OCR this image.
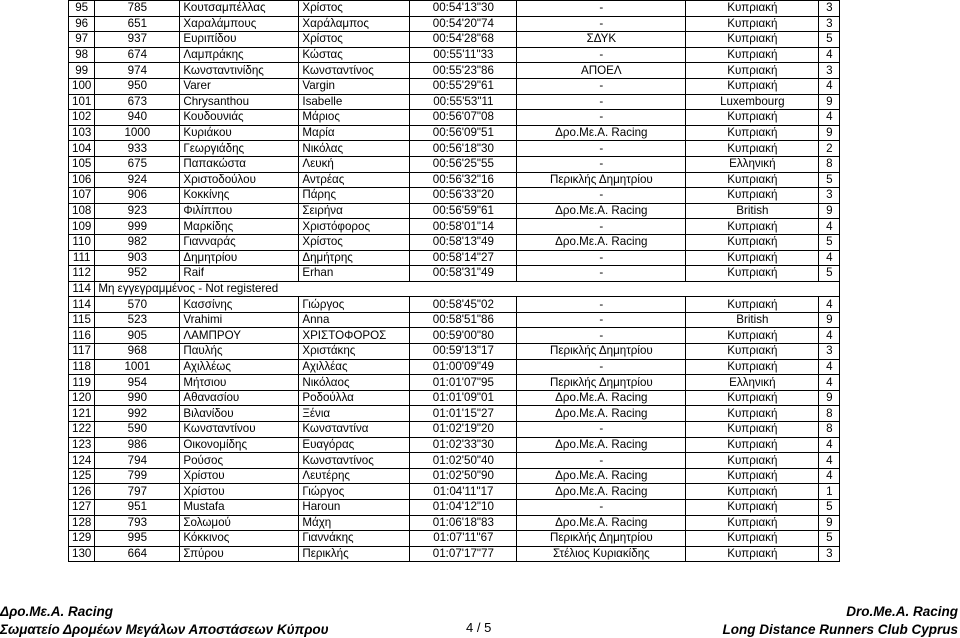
95	785	Κουτσαμπέλλας	Χρίστος	00:54'13"30	-	Κυπριακή	3
96	651	Χαραλάμπους	Χαράλαμπος	00:54'20"74	-	Κυπριακή	3
97	937	Ευριπίδου	Χρίστος	00:54'28"68	ΣΔΥΚ	Κυπριακή	5
98	674	Λαμπράκης	Κώστας	00:55'11"33	-	Κυπριακή	4
99	974	Κωνσταντινίδης	Κωνσταντίνος	00:55'23"86	ΑΠΟΕΛ	Κυπριακή	3
100	950	Varer	Vargin	00:55'29"61	-	Κυπριακή	4
101	673	Chrysanthou	Isabelle	00:55'53"11	-	Luxembourg	9
102	940	Κουδουνιάς	Μάριος	00:56'07"08	-	Κυπριακή	4
103	1000	Κυριάκου	Μαρία	00:56'09"51	Δρο.Με.Α. Racing	Κυπριακή	9
104	933	Γεωργιάδης	Νικόλας	00:56'18"30	-	Κυπριακή	2
105	675	Παπακώστα	Λευκή	00:56'25"55	-	Ελληνική	8
106	924	Χριστοδούλου	Αντρέας	00:56'32"16	Περικλής Δημητρίου	Κυπριακή	5
107	906	Κοκκίνης	Πάρης	00:56'33"20	-	Κυπριακή	3
108	923	Φιλίππου	Σειρήνα	00:56'59"61	Δρο.Με.Α. Racing	British	9
109	999	Μαρκίδης	Χριστόφορος	00:58'01"14	-	Κυπριακή	4
110	982	Γιανναράς	Χρίστος	00:58'13"49	Δρο.Με.Α. Racing	Κυπριακή	5
111	903	Δημητρίου	Δημήτρης	00:58'14"27	-	Κυπριακή	4
112	952	Raif	Erhan	00:58'31"49	-	Κυπριακή	5
114	Μη εγγεγραμμένος - Not registered						
114	570	Κασσίνης	Γιώργος	00:58'45"02	-	Κυπριακή	4
115	523	Vrahimi	Anna	00:58'51"86	-	British	9
116	905	ΛΑΜΠΡΟΥ	ΧΡΙΣΤΟΦΟΡΟΣ	00:59'00"80	-	Κυπριακή	4
117	968	Παυλής	Χριστάκης	00:59'13"17	Περικλής Δημητρίου	Κυπριακή	3
118	1001	Αχιλλέως	Αχιλλέας	01:00'09"49	-	Κυπριακή	4
119	954	Μήτσιου	Νικόλαος	01:01'07"95	Περικλής Δημητρίου	Ελληνική	4
120	990	Αθανασίου	Ροδούλλα	01:01'09"01	Δρο.Με.Α. Racing	Κυπριακή	9
121	992	Βιλανίδου	Ξένια	01:01'15"27	Δρο.Με.Α. Racing	Κυπριακή	8
122	590	Κωνσταντίνου	Κωνσταντίνα	01:02'19"20	-	Κυπριακή	8
123	986	Οικονομίδης	Ευαγόρας	01:02'33"30	Δρο.Με.Α. Racing	Κυπριακή	4
124	794	Ρούσος	Κωνσταντίνος	01:02'50"40	-	Κυπριακή	4
125	799	Χρίστου	Λευτέρης	01:02'50"90	Δρο.Με.Α. Racing	Κυπριακή	4
126	797	Χρίστου	Γιώργος	01:04'11"17	Δρο.Με.Α. Racing	Κυπριακή	1
127	951	Mustafa	Haroun	01:04'12"10	-	Κυπριακή	5
128	793	Σολωμού	Μάχη	01:06'18"83	Δρο.Με.Α. Racing	Κυπριακή	9
129	995	Κόκκινος	Γιαννάκης	01:07'11"67	Περικλής Δημητρίου	Κυπριακή	5
130	664	Σπύρου	Περικλής	01:07'17"77	Στέλιος Κυριακίδης	Κυπριακή	3
Δρο.Με.Α. Racing
Σωματείο Δρομέων Μεγάλων Αποστάσεων Κύπρου	4 / 5
Dro.Me.A. Racing
Long Distance Runners Club Cyprus
